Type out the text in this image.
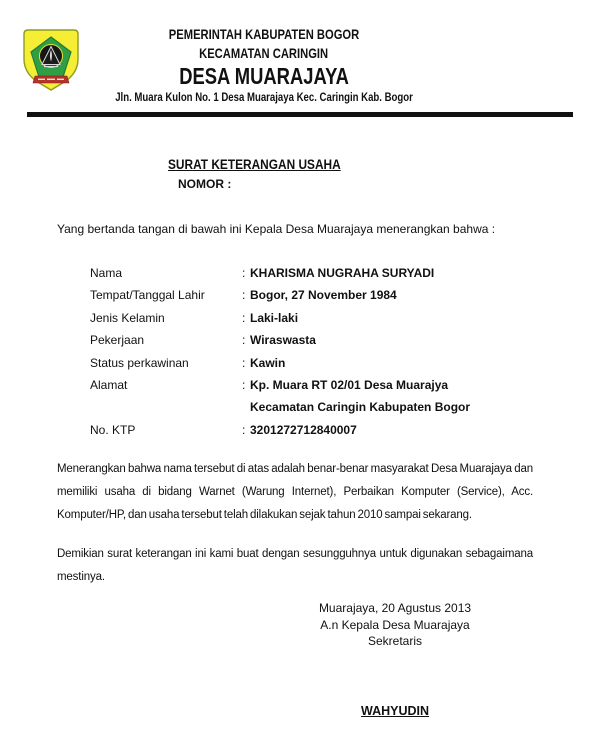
PEMERINTAH KABUPATEN BOGOR
KECAMATAN CARINGIN
DESA MUARAJAYA
Jln. Muara Kulon No. 1 Desa Muarajaya Kec. Caringin Kab. Bogor
SURAT KETERANGAN USAHA
NOMOR :
Yang bertanda tangan di bawah ini Kepala Desa Muarajaya menerangkan bahwa :
Nama	: KHARISMA NUGRAHA SURYADI
Tempat/Tanggal Lahir	: Bogor, 27 November 1984
Jenis Kelamin	: Laki-laki
Pekerjaan	: Wiraswasta
Status perkawinan	: Kawin
Alamat	: Kp. Muara RT 02/01 Desa Muarajya
Kecamatan Caringin Kabupaten Bogor
No. KTP	: 3201272712840007
Menerangkan bahwa nama tersebut di atas adalah benar-benar masyarakat Desa Muarajaya dan memiliki usaha di bidang Warnet (Warung Internet), Perbaikan Komputer (Service), Acc. Komputer/HP, dan usaha tersebut telah dilakukan sejak tahun 2010 sampai sekarang.
Demikian surat keterangan ini kami buat dengan sesungguhnya untuk digunakan sebagaimana mestinya.
Muarajaya, 20 Agustus 2013
A.n Kepala Desa Muarajaya
Sekretaris
WAHYUDIN
